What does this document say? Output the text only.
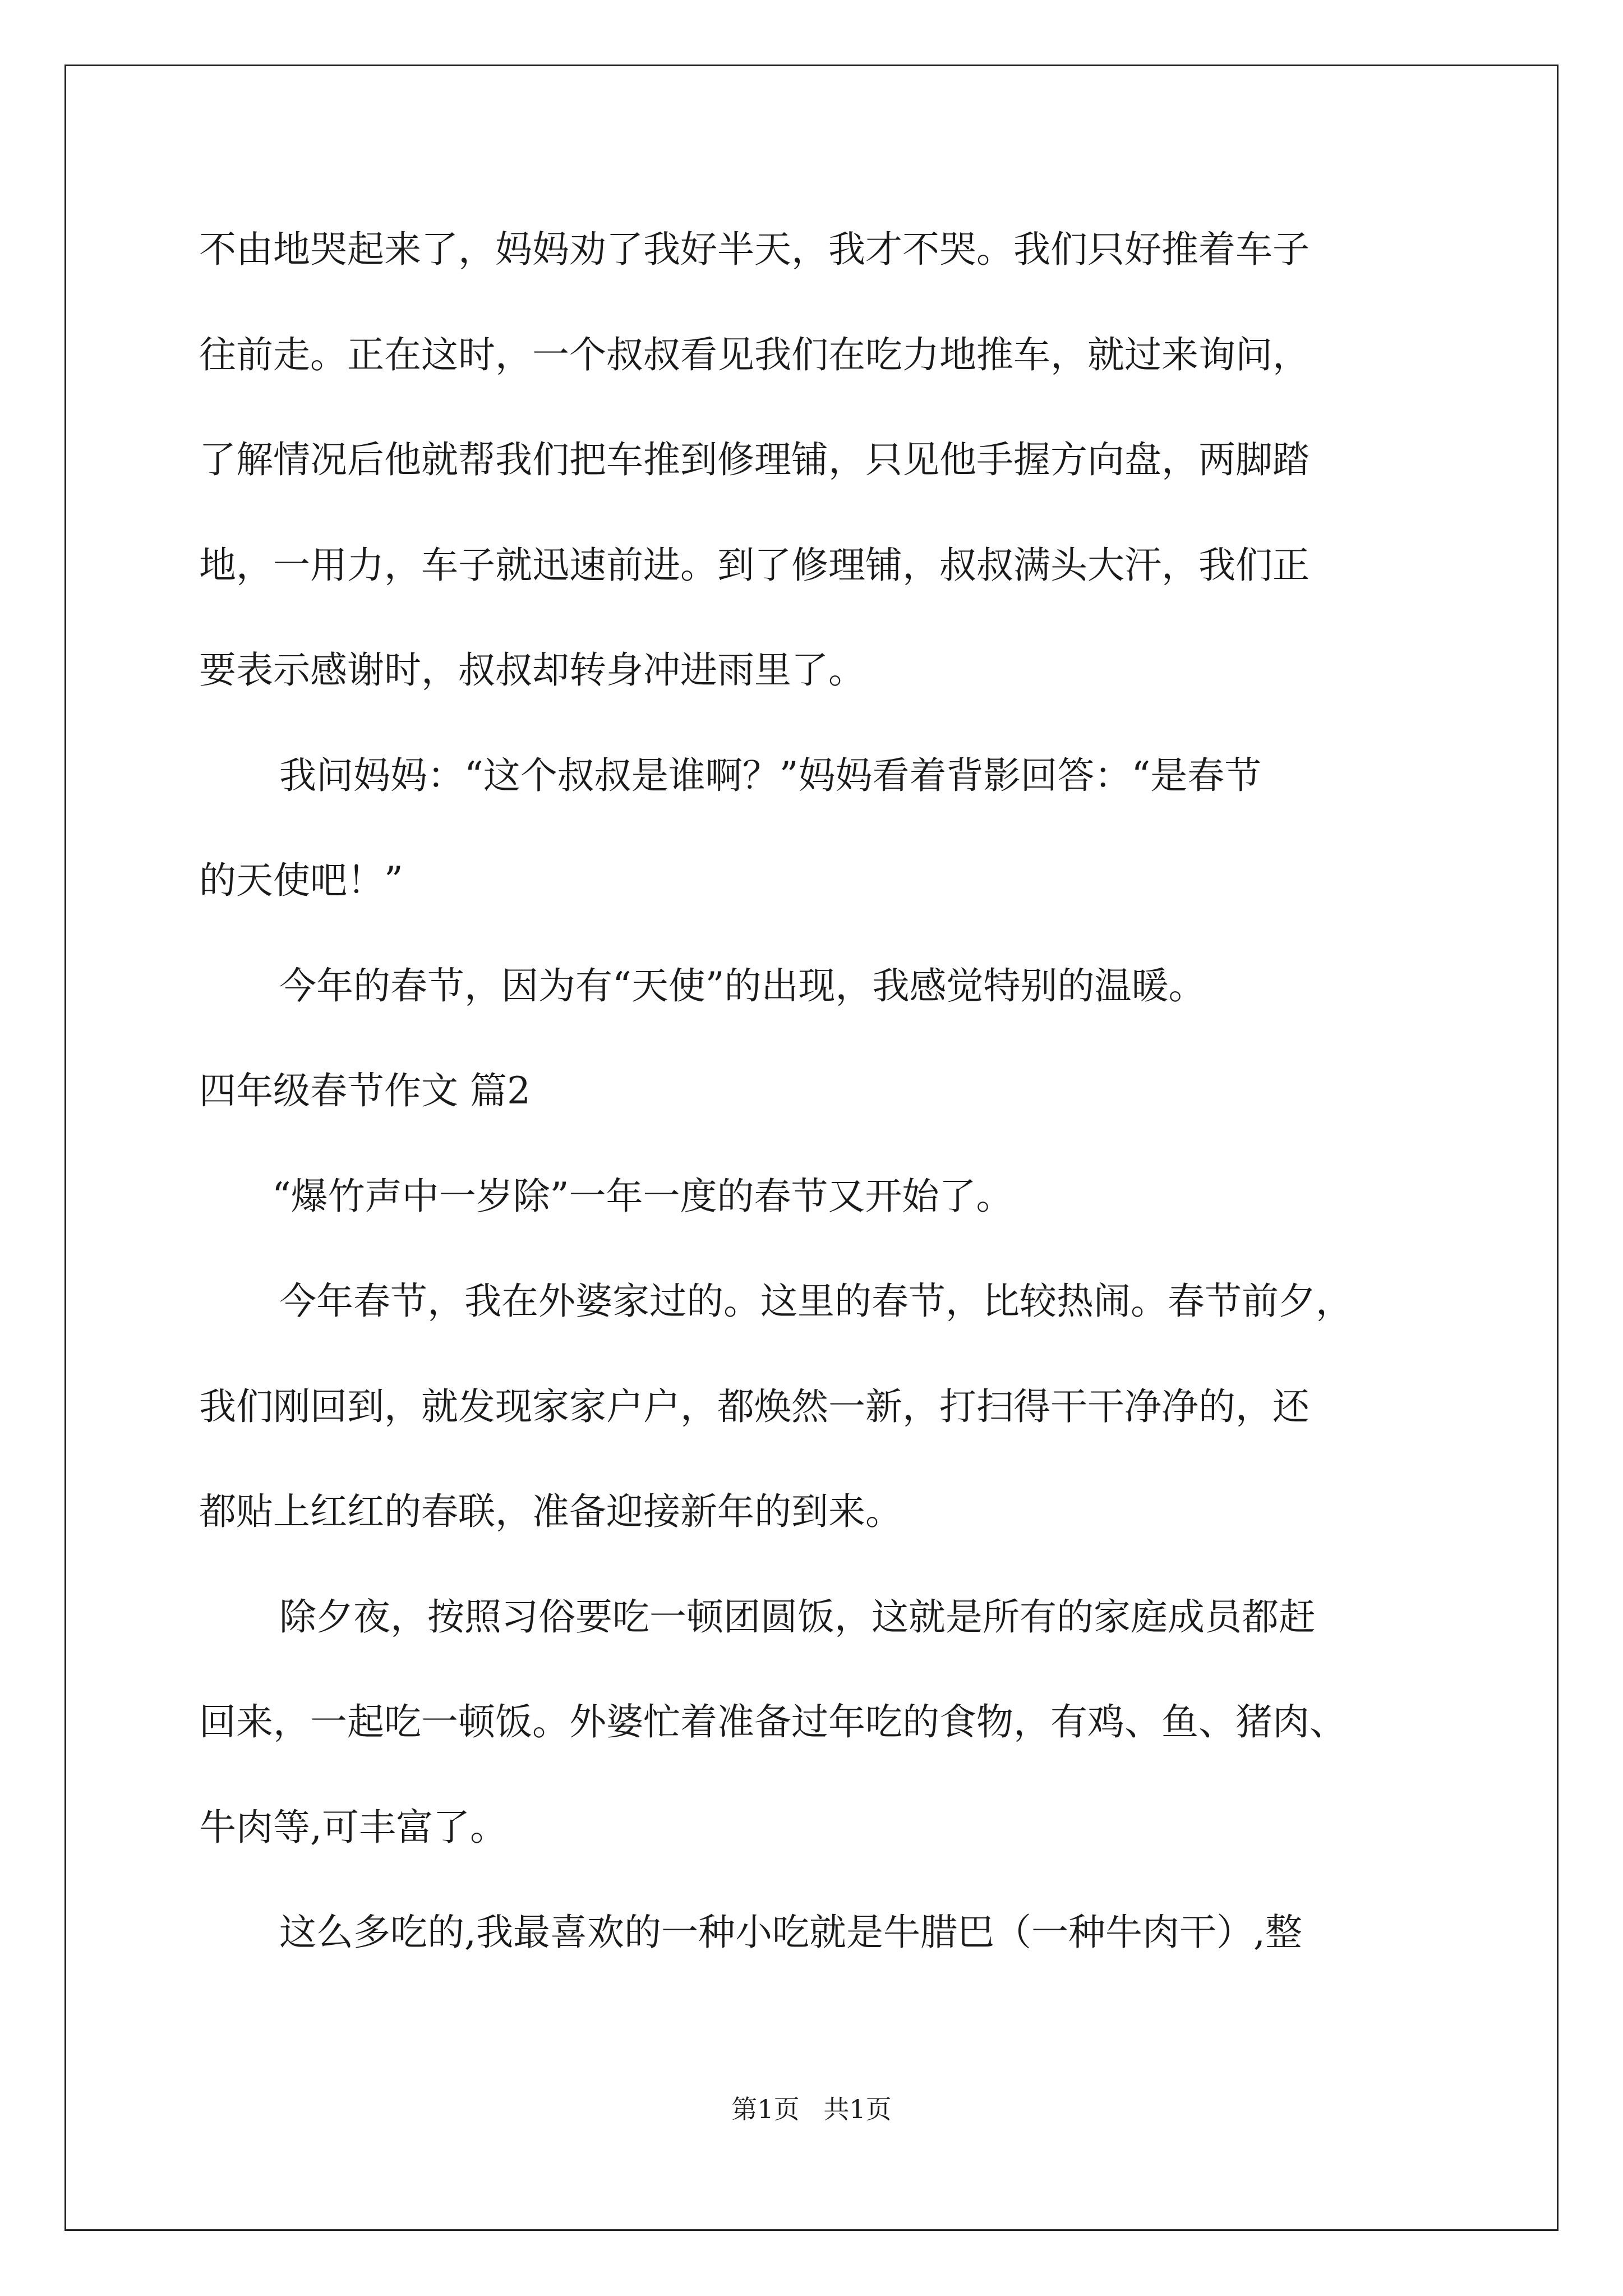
不由地哭起来了，妈妈劝了我好半天，我才不哭。我们只好推着车子
往前走。正在这时，一个叔叔看见我们在吃力地推车，就过来询问，
了解情况后他就帮我们把车推到修理铺，只见他手握方向盘，两脚踏
地，一用力，车子就迅速前进。到了修理铺，叔叔满头大汗，我们正
要表示感谢时，叔叔却转身冲进雨里了。
我问妈妈：“这个叔叔是谁啊？”妈妈看着背影回答：“是春节
的天使吧！”
今年的春节，因为有“天使”的出现，我感觉特别的温暖。
四年级春节作文 篇2
“爆竹声中一岁除”一年一度的春节又开始了。
今年春节，我在外婆家过的。这里的春节，比较热闹。春节前夕，
我们刚回到，就发现家家户户，都焕然一新，打扫得干干净净的，还
都贴上红红的春联，准备迎接新年的到来。
除夕夜，按照习俗要吃一顿团圆饭，这就是所有的家庭成员都赶
回来，一起吃一顿饭。外婆忙着准备过年吃的食物，有鸡、鱼、猪肉、
牛肉等,可丰富了。
这么多吃的,我最喜欢的一种小吃就是牛腊巴（一种牛肉干）,整
第1页 共1页
